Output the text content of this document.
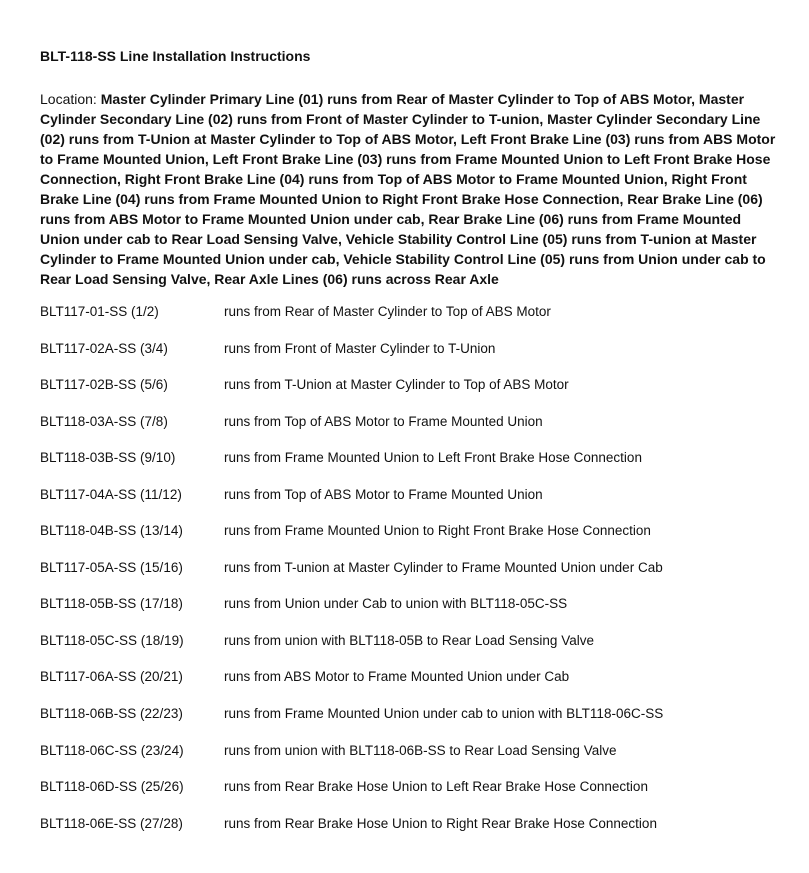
BLT-118-SS Line Installation Instructions
Location: Master Cylinder Primary Line (01) runs from Rear of Master Cylinder to Top of ABS Motor, Master Cylinder Secondary Line (02) runs from Front of Master Cylinder to T-union, Master Cylinder Secondary Line (02) runs from T-Union at Master Cylinder to Top of ABS Motor, Left Front Brake Line (03) runs from ABS Motor to Frame Mounted Union, Left Front Brake Line (03) runs from Frame Mounted Union to Left Front Brake Hose Connection, Right Front Brake Line (04) runs from Top of ABS Motor to Frame Mounted Union, Right Front Brake Line (04) runs from Frame Mounted Union to Right Front Brake Hose Connection, Rear Brake Line (06) runs from ABS Motor to Frame Mounted Union under cab, Rear Brake Line (06) runs from Frame Mounted Union under cab to Rear Load Sensing Valve, Vehicle Stability Control Line (05) runs from T-union at Master Cylinder to Frame Mounted Union under cab, Vehicle Stability Control Line (05) runs from Union under cab to Rear Load Sensing Valve, Rear Axle Lines (06) runs across Rear Axle
BLT117-01-SS (1/2)	runs from Rear of Master Cylinder to Top of ABS Motor
BLT117-02A-SS (3/4)	runs from Front of Master Cylinder to T-Union
BLT117-02B-SS (5/6)	runs from T-Union at Master Cylinder to Top of ABS Motor
BLT118-03A-SS (7/8)	runs from Top of ABS Motor to Frame Mounted Union
BLT118-03B-SS (9/10)	runs from Frame Mounted Union to Left Front Brake Hose Connection
BLT117-04A-SS (11/12)	runs from Top of ABS Motor to Frame Mounted Union
BLT118-04B-SS (13/14)	runs from Frame Mounted Union to Right Front Brake Hose Connection
BLT117-05A-SS (15/16)	runs from T-union at Master Cylinder to Frame Mounted Union under Cab
BLT118-05B-SS (17/18)	runs from Union under Cab to union with BLT118-05C-SS
BLT118-05C-SS (18/19)	runs from union with BLT118-05B to Rear Load Sensing Valve
BLT117-06A-SS (20/21)	runs from ABS Motor to Frame Mounted Union under Cab
BLT118-06B-SS (22/23)	runs from Frame Mounted Union under cab to union with BLT118-06C-SS
BLT118-06C-SS (23/24)	runs from union with BLT118-06B-SS to Rear Load Sensing Valve
BLT118-06D-SS (25/26)	runs from Rear Brake Hose Union to Left Rear Brake Hose Connection
BLT118-06E-SS (27/28)	runs from Rear Brake Hose Union to Right Rear Brake Hose Connection
